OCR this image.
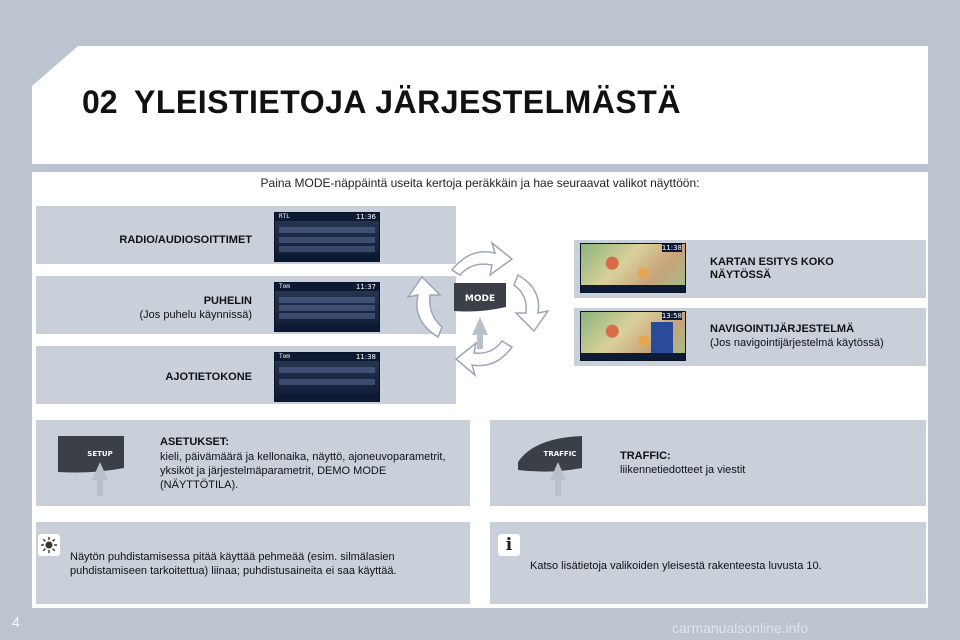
02 YLEISTIETOJA JÄRJESTELMÄSTÄ
Paina MODE-näppäintä useita kertoja peräkkäin ja hae seuraavat valikot näyttöön:
RADIO/AUDIOSOITTIMET
PUHELIN
(Jos puhelu käynnissä)
AJOTIETOKONE
RTL	11:36
Tom	11:37
Tom	11:38
11:38
13:58
KARTAN ESITYS KOKO NÄYTÖSSÄ
NAVIGOINTIJÄRJESTELMÄ
(Jos navigointijärjestelmä käytössä)
MODE
SETUP
ASETUKSET:
kieli, päivämäärä ja kellonaika, näyttö, ajoneuvoparametrit, yksiköt ja järjestelmäparametrit, DEMO MODE (NÄYTTÖTILA).
TRAFFIC	TRAFFIC:
liikennetiedotteet ja viestit
Näytön puhdistamisessa pitää käyttää pehmeää (esim. silmälasien puhdistamiseen tarkoitettua) liinaa; puhdistusaineita ei saa käyttää.
i
Katso lisätietoja valikoiden yleisestä rakenteesta luvusta 10.
4	carmanualsonline.info
